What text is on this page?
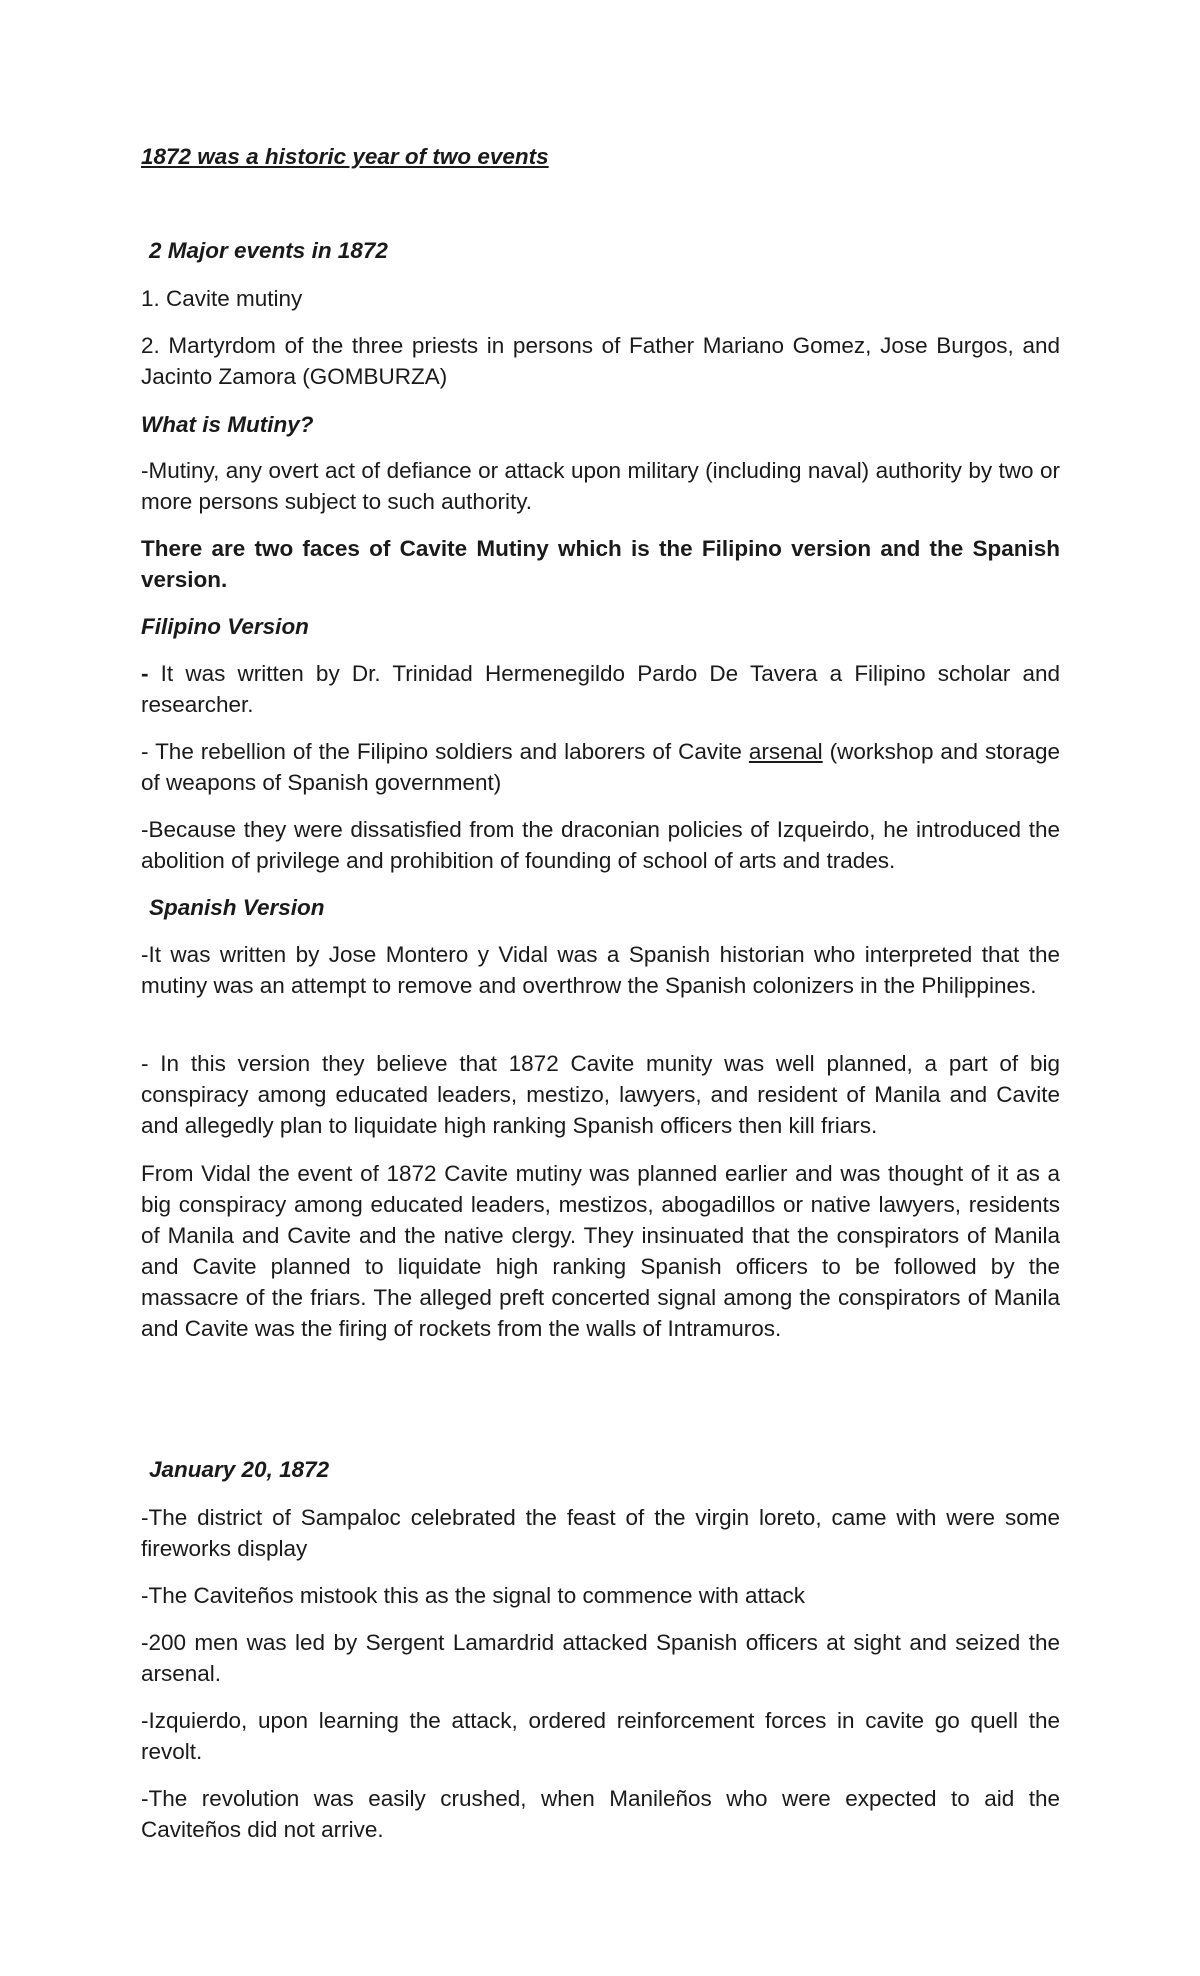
1872 was a historic year of two events

2 Major events in 1872

1. Cavite mutiny

2. Martyrdom of the three priests in persons of Father Mariano Gomez, Jose Burgos, and Jacinto Zamora (GOMBURZA)

What is Mutiny?

-Mutiny, any overt act of defiance or attack upon military (including naval) authority by two or more persons subject to such authority.

There are two faces of Cavite Mutiny which is the Filipino version and the Spanish version.

Filipino Version

- It was written by Dr. Trinidad Hermenegildo Pardo De Tavera a Filipino scholar and researcher.

- The rebellion of the Filipino soldiers and laborers of Cavite arsenal (workshop and storage of weapons of Spanish government)

-Because they were dissatisfied from the draconian policies of Izqueirdo, he introduced the abolition of privilege and prohibition of founding of school of arts and trades.

Spanish Version

-It was written by Jose Montero y Vidal was a Spanish historian who interpreted that the mutiny was an attempt to remove and overthrow the Spanish colonizers in the Philippines.

- In this version they believe that 1872 Cavite munity was well planned, a part of big conspiracy among educated leaders, mestizo, lawyers, and resident of Manila and Cavite and allegedly plan to liquidate high ranking Spanish officers then kill friars.

From Vidal the event of 1872 Cavite mutiny was planned earlier and was thought of it as a big conspiracy among educated leaders, mestizos, abogadillos or native lawyers, residents of Manila and Cavite and the native clergy. They insinuated that the conspirators of Manila and Cavite planned to liquidate high ranking Spanish officers to be followed by the massacre of the friars. The alleged preft concerted signal among the conspirators of Manila and Cavite was the firing of rockets from the walls of Intramuros.

January 20, 1872

-The district of Sampaloc celebrated the feast of the virgin loreto, came with were some fireworks display

-The Caviteños mistook this as the signal to commence with attack

-200 men was led by Sergent Lamardrid attacked Spanish officers at sight and seized the arsenal.

-Izquierdo, upon learning the attack, ordered reinforcement forces in cavite go quell the revolt.

-The revolution was easily crushed, when Manileños who were expected to aid the Caviteños did not arrive.
